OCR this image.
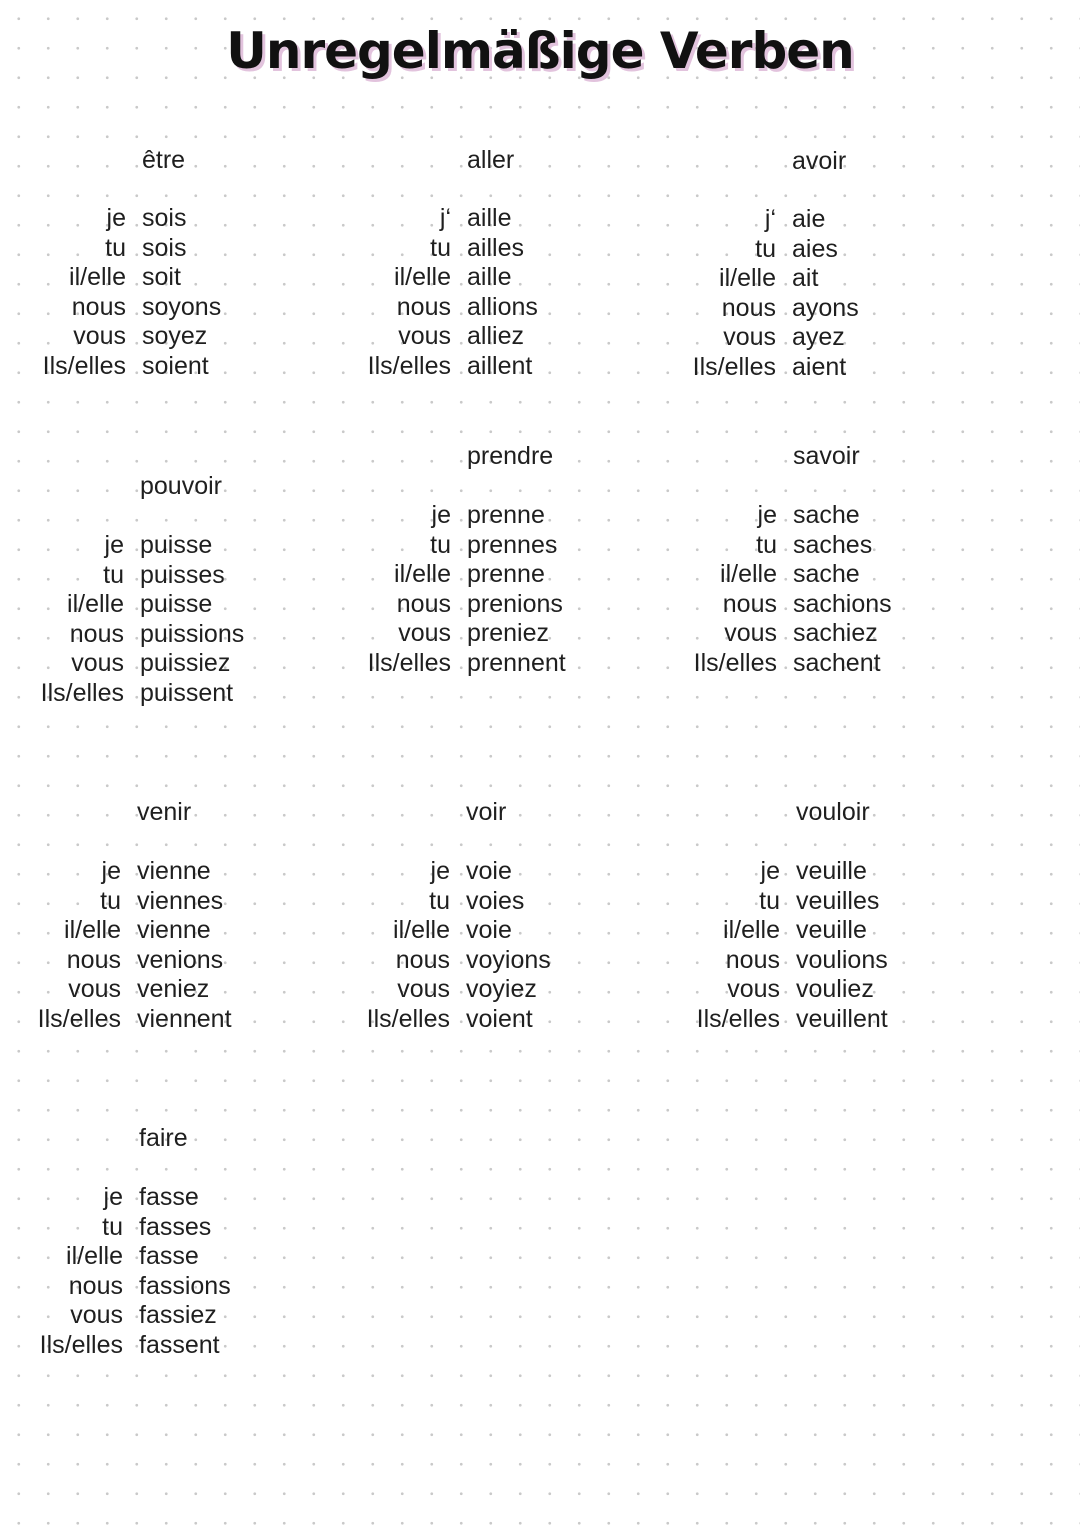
Unregelmäßige Verben
être
je sois
tu sois
il/elle soit
nous soyons
vous soyez
Ils/elles soient
aller
j‘ aille
tu ailles
il/elle aille
nous allions
vous alliez
Ils/elles aillent
avoir
j‘ aie
tu aies
il/elle ait
nous ayons
vous ayez
Ils/elles aient
pouvoir
je puisse
tu puisses
il/elle puisse
nous puissions
vous puissiez
Ils/elles puissent
prendre
je prenne
tu prennes
il/elle prenne
nous prenions
vous preniez
Ils/elles prennent
savoir
je sache
tu saches
il/elle sache
nous sachions
vous sachiez
Ils/elles sachent
venir
je vienne
tu viennes
il/elle vienne
nous venions
vous veniez
Ils/elles viennent
voir
je voie
tu voies
il/elle voie
nous voyions
vous voyiez
Ils/elles voient
vouloir
je veuille
tu veuilles
il/elle veuille
nous voulions
vous vouliez
Ils/elles veuillent
faire
je fasse
tu fasses
il/elle fasse
nous fassions
vous fassiez
Ils/elles fassent
